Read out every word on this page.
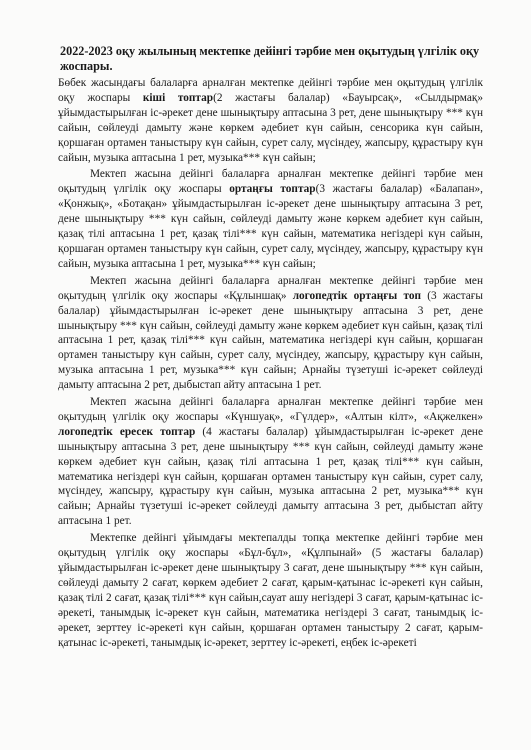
2022-2023 оқу жылының мектепке дейінгі тәрбие мен оқытудың үлгілік оқу жоспары.

Бөбек жасындағы балаларға арналған мектепке дейінгі тәрбие мен оқытудың үлгілік оқу жоспары кіші топтар(2 жастағы балалар) «Бауырсақ», «Сылдырмақ» ұйымдастырылған іс-әрекет дене шынықтыру аптасына 3 рет, дене шынықтыру *** күн сайын, сөйлеуді дамыту және көркем әдебиет күн сайын, сенсорика күн сайын, қоршаған ортамен таныстыру күн сайын, сурет салу, мүсіндеу, жапсыру, құрастыру күн сайын, музыка аптасына 1 рет, музыка*** күн сайын;

Мектеп жасына дейінгі балаларға арналған мектепке дейінгі тәрбие мен оқытудың үлгілік оқу жоспары ортаңғы топтар(3 жастағы балалар) «Балапан», «Қонжық», «Ботақан» ұйымдастырылған іс-әрекет дене шынықтыру аптасына 3 рет, дене шынықтыру *** күн сайын, сөйлеуді дамыту және көркем әдебиет күн сайын, қазақ тілі аптасына 1 рет, қазақ тілі*** күн сайын, математика негіздері күн сайын, қоршаған ортамен таныстыру күн сайын, сурет салу, мүсіндеу, жапсыру, құрастыру күн сайын, музыка аптасына 1 рет, музыка*** күн сайын;

Мектеп жасына дейінгі балаларға арналған мектепке дейінгі тәрбие мен оқытудың үлгілік оқу жоспары «Құлыншақ» логопедтік ортаңғы топ (3 жастағы балалар) ұйымдастырылған іс-әрекет дене шынықтыру аптасына 3 рет, дене шынықтыру *** күн сайын, сөйлеуді дамыту және көркем әдебиет күн сайын, қазақ тілі аптасына 1 рет, қазақ тілі*** күн сайын, математика негіздері күн сайын, қоршаған ортамен таныстыру күн сайын, сурет салу, мүсіндеу, жапсыру, құрастыру күн сайын, музыка аптасына 1 рет, музыка*** күн сайын; Арнайы түзетуші іс-әрекет сөйлеуді дамыту аптасына 2 рет, дыбыстап айту аптасына 1 рет.

Мектеп жасына дейінгі балаларға арналған мектепке дейінгі тәрбие мен оқытудың үлгілік оқу жоспары «Күншуақ», «Гүлдер», «Алтын кілт», «Ақжелкен» логопедтік ересек топтар (4 жастағы балалар) ұйымдастырылған іс-әрекет дене шынықтыру аптасына 3 рет, дене шынықтыру *** күн сайын, сөйлеуді дамыту және көркем әдебиет күн сайын, қазақ тілі аптасына 1 рет, қазақ тілі*** күн сайын, математика негіздері күн сайын, қоршаған ортамен таныстыру күн сайын, сурет салу, мүсіндеу, жапсыру, құрастыру күн сайын, музыка аптасына 2 рет, музыка*** күн сайын; Арнайы түзетуші іс-әрекет сөйлеуді дамыту аптасына 3 рет, дыбыстап айту аптасына 1 рет.

Мектепке дейінгі ұйымдағы мектепалды топқа мектепке дейінгі тәрбие мен оқытудың үлгілік оқу жоспары «Бұл-бұл», «Құлпынай» (5 жастағы балалар) ұйымдастырылған іс-әрекет дене шынықтыру 3 сағат, дене шынықтыру *** күн сайын, сөйлеуді дамыту 2 сағат, көркем әдебиет 2 сағат, қарым-қатынас іс-әрекеті күн сайын, қазақ тілі 2 сағат, қазақ тілі*** күн сайын,сауат ашу негіздері 3 сағат, қарым-қатынас іс-әрекеті, танымдық іс-әрекет күн сайын, математика негіздері 3 сағат, танымдық іс-әрекет, зерттеу іс-әрекеті күн сайын, қоршаған ортамен таныстыру 2 сағат, қарым-қатынас іс-әрекеті, танымдық іс-әрекет, зерттеу іс-әрекеті, еңбек іс-әрекеті
